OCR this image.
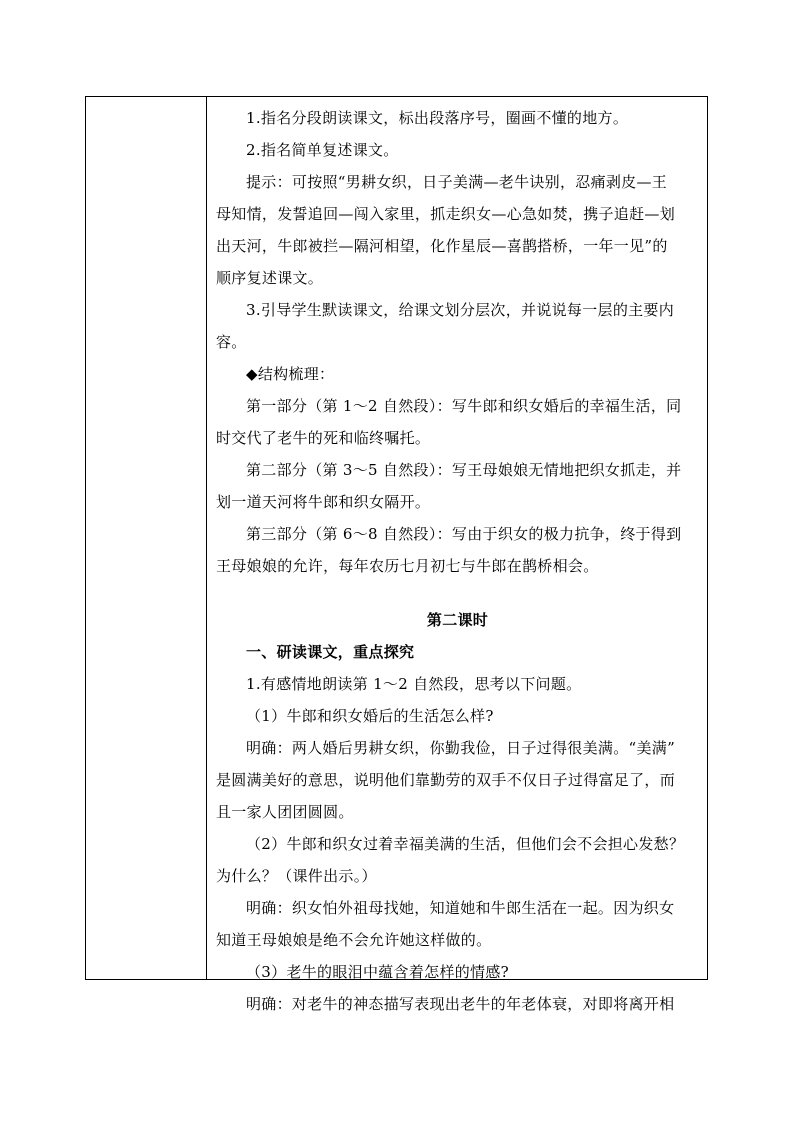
1.指名分段朗读课文，标出段落序号，圈画不懂的地方。

2.指名简单复述课文。

提示：可按照“男耕女织，日子美满—老牛诀别，忍痛剥皮—王

母知情，发誓追回—闯入家里，抓走织女—心急如焚，携子追赶—划

出天河，牛郎被拦—隔河相望，化作星辰—喜鹊搭桥，一年一见”的

顺序复述课文。

3.引导学生默读课文，给课文划分层次，并说说每一层的主要内

容。

◆结构梳理：

第一部分（第 1～2 自然段）：写牛郎和织女婚后的幸福生活，同

时交代了老牛的死和临终嘱托。

第二部分（第 3～5 自然段）：写王母娘娘无情地把织女抓走，并

划一道天河将牛郎和织女隔开。

第三部分（第 6～8 自然段）：写由于织女的极力抗争，终于得到

王母娘娘的允许，每年农历七月初七与牛郎在鹊桥相会。

第二课时

一、研读课文，重点探究

1.有感情地朗读第 1～2 自然段，思考以下问题。

（1）牛郎和织女婚后的生活怎么样?

明确：两人婚后男耕女织，你勤我俭，日子过得很美满。“美满”

是圆满美好的意思，说明他们靠勤劳的双手不仅日子过得富足了，而

且一家人团团圆圆。

（2）牛郎和织女过着幸福美满的生活，但他们会不会担心发愁？

为什么？（课件出示。）

明确：织女怕外祖母找她，知道她和牛郎生活在一起。因为织女

知道王母娘娘是绝不会允许她这样做的。

（3）老牛的眼泪中蕴含着怎样的情感?

明确：对老牛的神态描写表现出老牛的年老体衰，对即将离开相
